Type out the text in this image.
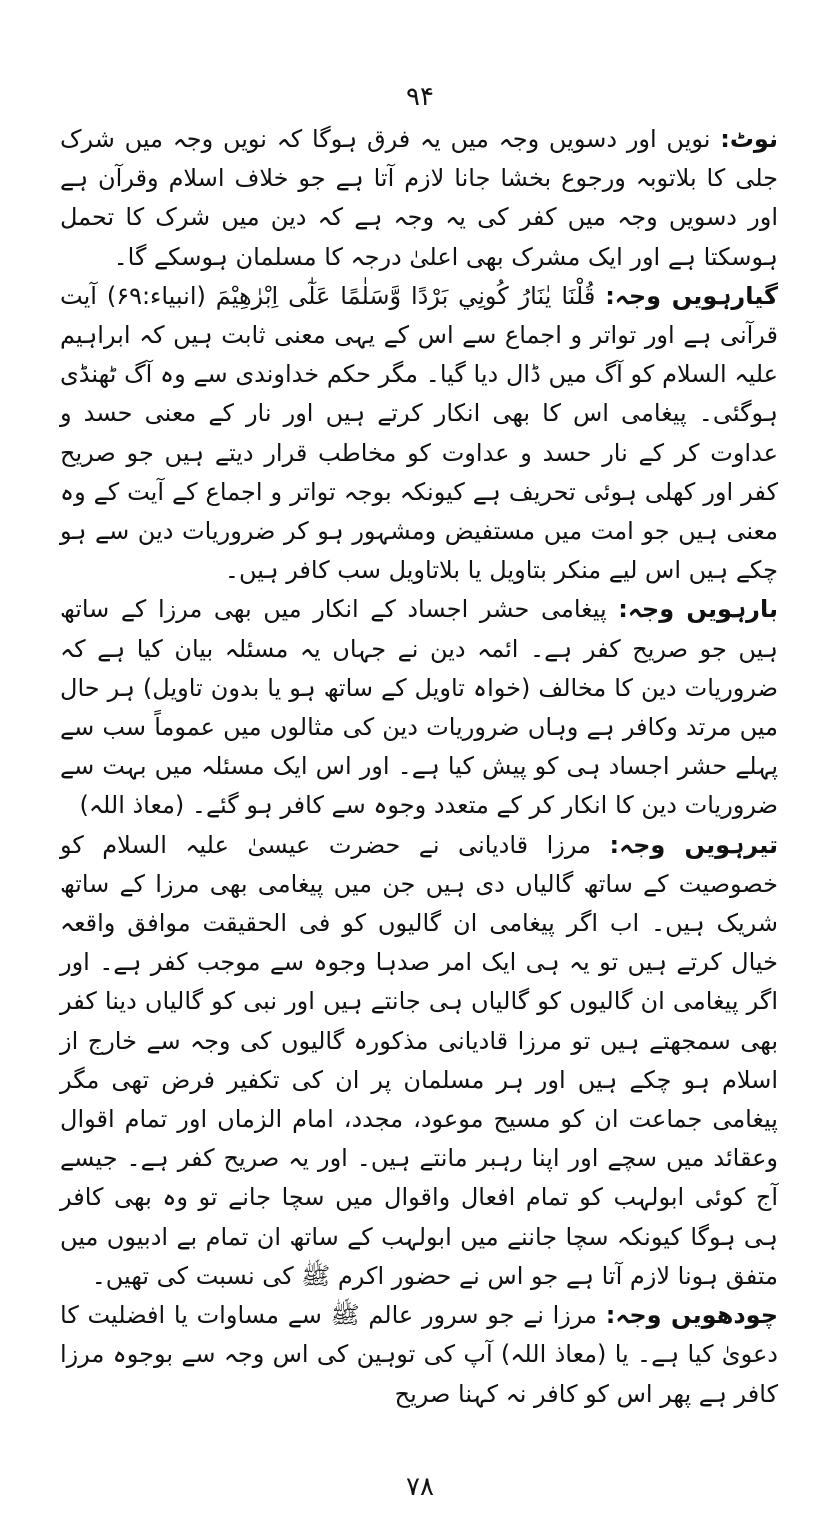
۹۴

نوٹ: نویں اور دسویں وجہ میں یہ فرق ہوگا کہ نویں وجہ میں شرک جلی کا بلاتوبہ ورجوع بخشا جانا لازم آتا ہے جو خلاف اسلام وقرآن ہے اور دسویں وجہ میں کفر کی یہ وجہ ہے کہ دین میں شرک کا تحمل ہوسکتا ہے اور ایک مشرک بھی اعلیٰ درجہ کا مسلمان ہوسکے گا۔

گیارہویں وجہ: قُلْنَا يٰنَارُ كُونِي بَرْدًا وَّسَلٰمًا عَلٰٓى اِبْرٰهِيْمَ (انبیاء:۶۹) آیت قرآنی ہے اور تواتر و اجماع سے اس کے یہی معنی ثابت ہیں کہ ابراہیم علیہ السلام کو آگ میں ڈال دیا گیا۔ مگر حکم خداوندی سے وہ آگ ٹھنڈی ہوگئی۔ پیغامی اس کا بھی انکار کرتے ہیں اور نار کے معنی حسد و عداوت کر کے نار حسد و عداوت کو مخاطب قرار دیتے ہیں جو صریح کفر اور کھلی ہوئی تحریف ہے کیونکہ بوجہ تواتر و اجماع کے آیت کے وہ معنی ہیں جو امت میں مستفیض ومشہور ہو کر ضروریات دین سے ہو چکے ہیں اس لیے منکر بتاویل یا بلاتاویل سب کافر ہیں۔

بارہویں وجہ: پیغامی حشر اجساد کے انکار میں بھی مرزا کے ساتھ ہیں جو صریح کفر ہے۔ ائمہ دین نے جہاں یہ مسئلہ بیان کیا ہے کہ ضروریات دین کا مخالف (خواہ تاویل کے ساتھ ہو یا بدون تاویل) ہر حال میں مرتد وکافر ہے وہاں ضروریات دین کی مثالوں میں عموماً سب سے پہلے حشر اجساد ہی کو پیش کیا ہے۔ اور اس ایک مسئلہ میں بہت سے ضروریات دین کا انکار کر کے متعدد وجوہ سے کافر ہو گئے۔ (معاذ اللہ)

تیرہویں وجہ: مرزا قادیانی نے حضرت عیسیٰ علیہ السلام کو خصوصیت کے ساتھ گالیاں دی ہیں جن میں پیغامی بھی مرزا کے ساتھ شریک ہیں۔ اب اگر پیغامی ان گالیوں کو فی الحقیقت موافق واقعہ خیال کرتے ہیں تو یہ ہی ایک امر صدہا وجوہ سے موجب کفر ہے۔ اور اگر پیغامی ان گالیوں کو گالیاں ہی جانتے ہیں اور نبی کو گالیاں دینا کفر بھی سمجھتے ہیں تو مرزا قادیانی مذکورہ گالیوں کی وجہ سے خارج از اسلام ہو چکے ہیں اور ہر مسلمان پر ان کی تکفیر فرض تھی مگر پیغامی جماعت ان کو مسیح موعود، مجدد، امام الزماں اور تمام اقوال وعقائد میں سچے اور اپنا رہبر مانتے ہیں۔ اور یہ صریح کفر ہے۔ جیسے آج کوئی ابولہب کو تمام افعال واقوال میں سچا جانے تو وہ بھی کافر ہی ہوگا کیونکہ سچا جاننے میں ابولہب کے ساتھ ان تمام بے ادبیوں میں متفق ہونا لازم آتا ہے جو اس نے حضور اکرم ﷺ کی نسبت کی تھیں۔

چودھویں وجہ: مرزا نے جو سرور عالم ﷺ سے مساوات یا افضلیت کا دعویٰ کیا ہے۔ یا (معاذ اللہ) آپ کی توہین کی اس وجہ سے بوجوہ مرزا کافر ہے پھر اس کو کافر نہ کہنا صریح

۷۸
